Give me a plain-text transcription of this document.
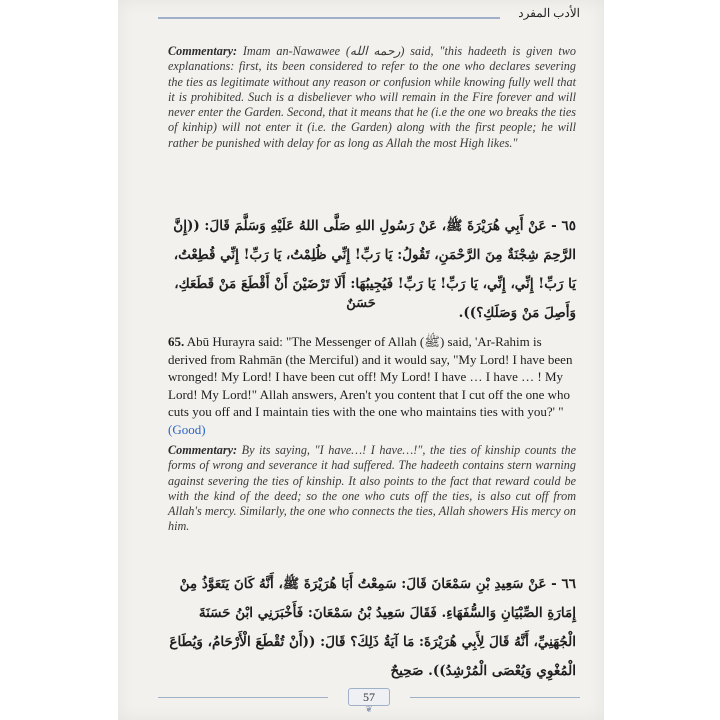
الأدب المفرد

Commentary: Imam an-Nawawee (رحمه الله) said, "this hadeeth is given two explanations: first, its been considered to refer to the one who declares severing the ties as legitimate without any reason or confusion while knowing fully well that it is prohibited. Such is a disbeliever who will remain in the Fire forever and will never enter the Garden. Second, that it means that he (i.e the one wo breaks the ties of kinhip) will not enter it (i.e. the Garden) along with the first people; he will rather be punished with delay for as long as Allah the most High likes."

٦٥ - عَنْ أَبِي هُرَيْرَةَ ﷺ، عَنْ رَسُولِ اللهِ صَلَّى اللهُ عَلَيْهِ وَسَلَّمَ قَالَ: ((إِنَّ الرَّحِمَ شِجْنَةٌ مِنَ الرَّحْمَنِ، تَقُولُ: يَا رَبِّ! إِنِّي ظُلِمْتُ، يَا رَبِّ! إِنِّي قُطِعْتُ، يَا رَبِّ! إِنِّي، إِنِّي، يَا رَبِّ! يَا رَبِّ! فَيُجِيبُهَا: أَلَا تَرْضَيْنَ أَنْ أَقْطَعَ مَنْ قَطَعَكِ، وَأَصِلَ مَنْ وَصَلَكِ؟)).

حَسَنٌ

65. Abū Hurayra said: "The Messenger of Allah (ﷺ) said, 'Ar-Rahim is derived from Rahmān (the Merciful) and it would say, "My Lord! I have been wronged! My Lord! I have been cut off! My Lord! I have … I have … ! My Lord! My Lord!" Allah answers, Aren't you content that I cut off the one who cuts you off and I maintain ties with the one who maintains ties with you?' " (Good)

Commentary: By its saying, "I have…! I have…!", the ties of kinship counts the forms of wrong and severance it had suffered. The hadeeth contains stern warning against severing the ties of kinship. It also points to the fact that reward could be with the kind of the deed; so the one who cuts off the ties, is also cut off from Allah's mercy. Similarly, the one who connects the ties, Allah showers His mercy on him.

٦٦ - عَنْ سَعِيدِ بْنِ سَمْعَانَ قَالَ: سَمِعْتُ أَبَا هُرَيْرَةَ ﷺ، أَنَّهُ كَانَ يَتَعَوَّذُ مِنْ إِمَارَةِ الصِّبْيَانِ وَالسُّفَهَاءِ. فَقَالَ سَعِيدُ بْنُ سَمْعَانَ: فَأَخْبَرَنِي ابْنُ حَسَنَةَ الْجُهَنِيِّ، أَنَّهُ قَالَ لِأَبِي هُرَيْرَةَ: مَا آيَةُ ذَلِكَ؟ قَالَ: ((أَنْ تُقْطَعَ الْأَرْحَامُ، وَيُطَاعَ الْمُغْوِي وَيُعْصَى الْمُرْشِدُ)). صَحِيحٌ

57
❦
